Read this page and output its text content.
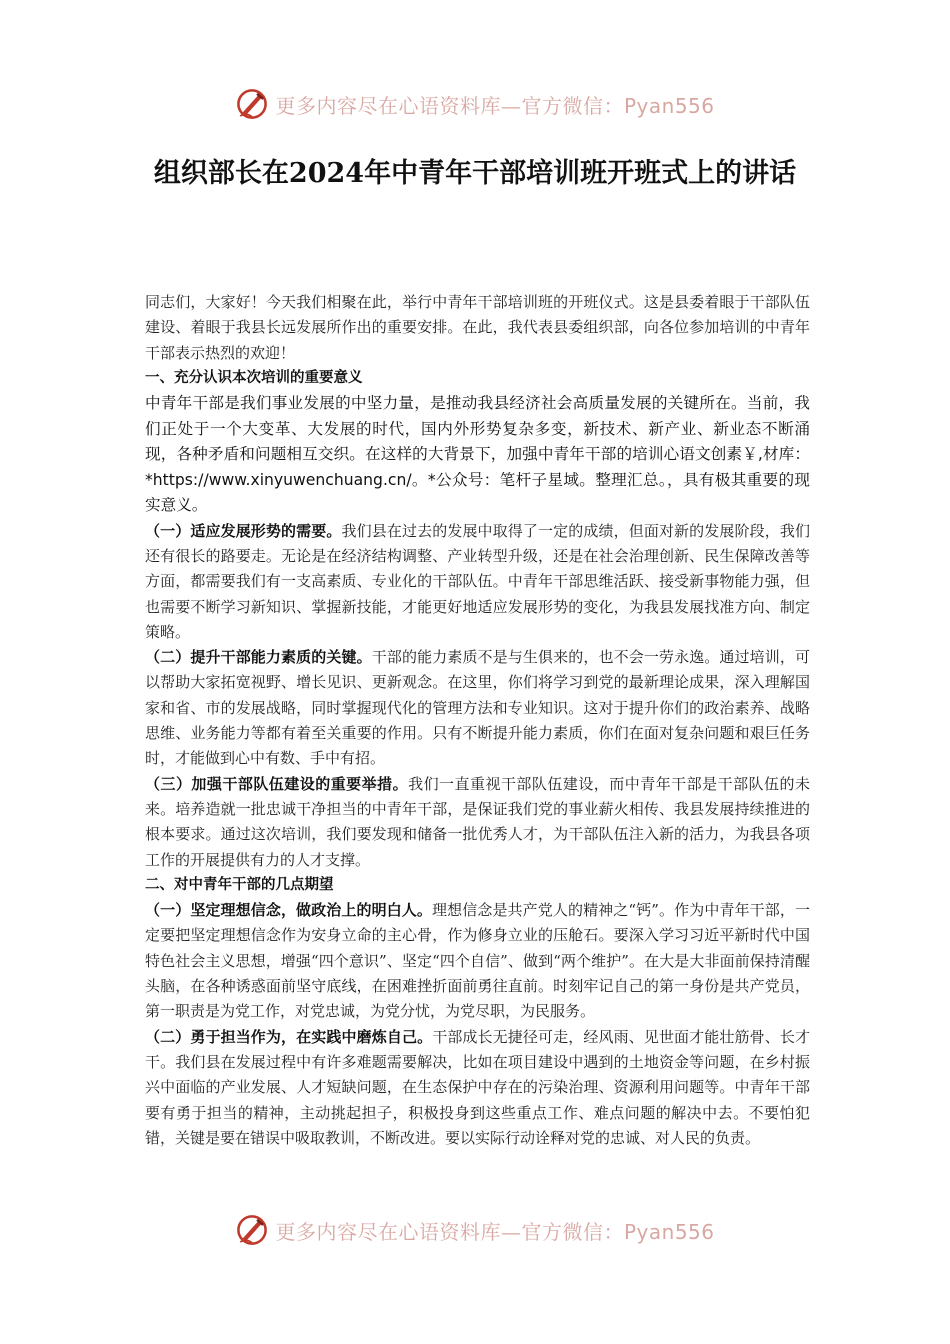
更多内容尽在心语资料库—官方微信：Pyan556
组织部长在2024年中青年干部培训班开班式上的讲话

同志们，大家好！今天我们相聚在此，举行中青年干部培训班的开班仪式。这是县委着眼于干部队伍建设、着眼于我县长远发展所作出的重要安排。在此，我代表县委组织部，向各位参加培训的中青年干部表示热烈的欢迎！

一、充分认识本次培训的重要意义

中青年干部是我们事业发展的中坚力量，是推动我县经济社会高质量发展的关键所在。当前，我们正处于一个大变革、大发展的时代，国内外形势复杂多变，新技术、新产业、新业态不断涌现，各种矛盾和问题相互交织。在这样的大背景下，加强中青年干部的培训心语文创素￥,材库：*https://www.xinyuwenchuang.cn/。*公众号：笔杆子星域。整理汇总。，具有极其重要的现实意义。

（一）适应发展形势的需要。我们县在过去的发展中取得了一定的成绩，但面对新的发展阶段，我们还有很长的路要走。无论是在经济结构调整、产业转型升级，还是在社会治理创新、民生保障改善等方面，都需要我们有一支高素质、专业化的干部队伍。中青年干部思维活跃、接受新事物能力强，但也需要不断学习新知识、掌握新技能，才能更好地适应发展形势的变化，为我县发展找准方向、制定策略。

（二）提升干部能力素质的关键。干部的能力素质不是与生俱来的，也不会一劳永逸。通过培训，可以帮助大家拓宽视野、增长见识、更新观念。在这里，你们将学习到党的最新理论成果，深入理解国家和省、市的发展战略，同时掌握现代化的管理方法和专业知识。这对于提升你们的政治素养、战略思维、业务能力等都有着至关重要的作用。只有不断提升能力素质，你们在面对复杂问题和艰巨任务时，才能做到心中有数、手中有招。

（三）加强干部队伍建设的重要举措。我们一直重视干部队伍建设，而中青年干部是干部队伍的未来。培养造就一批忠诚干净担当的中青年干部，是保证我们党的事业薪火相传、我县发展持续推进的根本要求。通过这次培训，我们要发现和储备一批优秀人才，为干部队伍注入新的活力，为我县各项工作的开展提供有力的人才支撑。

二、对中青年干部的几点期望

（一）坚定理想信念，做政治上的明白人。理想信念是共产党人的精神之“钙”。作为中青年干部，一定要把坚定理想信念作为安身立命的主心骨，作为修身立业的压舱石。要深入学习习近平新时代中国特色社会主义思想，增强“四个意识”、坚定“四个自信”、做到“两个维护”。在大是大非面前保持清醒头脑，在各种诱惑面前坚守底线，在困难挫折面前勇往直前。时刻牢记自己的第一身份是共产党员，第一职责是为党工作，对党忠诚，为党分忧，为党尽职，为民服务。

（二）勇于担当作为，在实践中磨炼自己。干部成长无捷径可走，经风雨、见世面才能壮筋骨、长才干。我们县在发展过程中有许多难题需要解决，比如在项目建设中遇到的土地资金等问题，在乡村振兴中面临的产业发展、人才短缺问题，在生态保护中存在的污染治理、资源利用问题等。中青年干部要有勇于担当的精神，主动挑起担子，积极投身到这些重点工作、难点问题的解决中去。不要怕犯错，关键是要在错误中吸取教训，不断改进。要以实际行动诠释对党的忠诚、对人民的负责。

更多内容尽在心语资料库—官方微信：Pyan556
